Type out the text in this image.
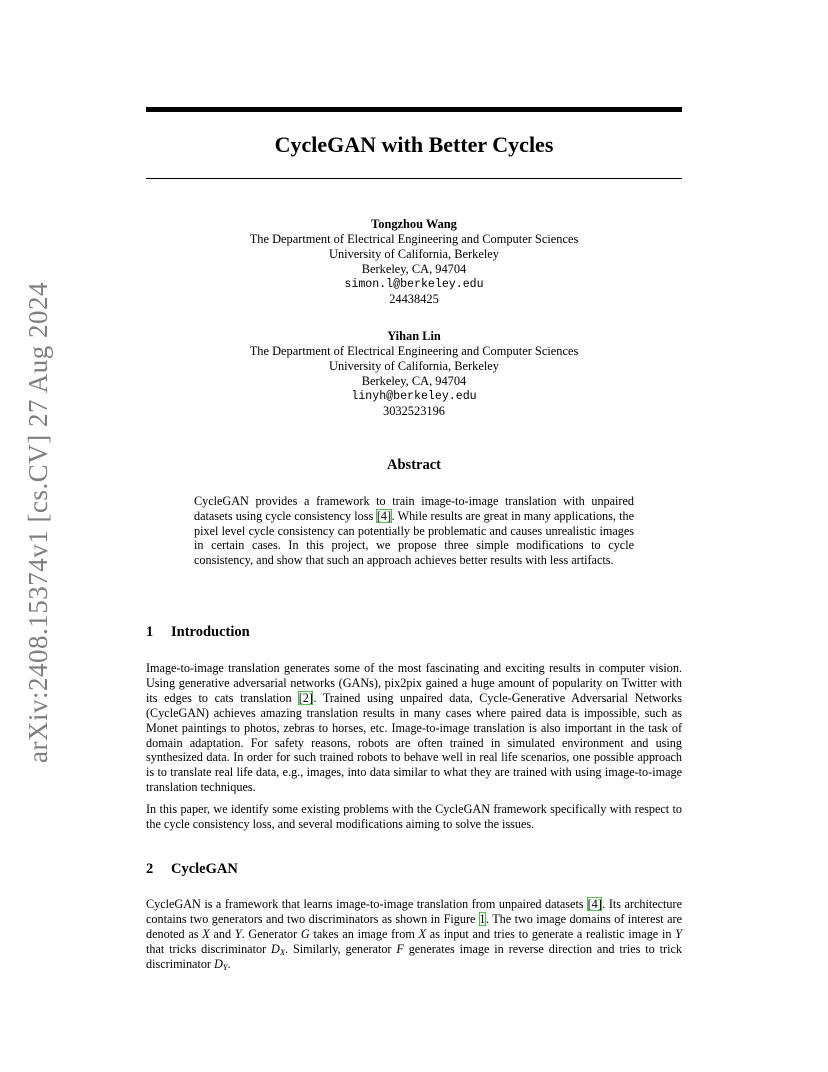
arXiv:2408.15374v1 [cs.CV] 27 Aug 2024
CycleGAN with Better Cycles
Tongzhou Wang
The Department of Electrical Engineering and Computer Sciences
University of California, Berkeley
Berkeley, CA, 94704
simon.l@berkeley.edu
24438425
Yihan Lin
The Department of Electrical Engineering and Computer Sciences
University of California, Berkeley
Berkeley, CA, 94704
linyh@berkeley.edu
3032523196
Abstract

CycleGAN provides a framework to train image-to-image translation with unpaired datasets using cycle consistency loss [4]. While results are great in many applications, the pixel level cycle consistency can potentially be problematic and causes unrealistic images in certain cases. In this project, we propose three simple modifications to cycle consistency, and show that such an approach achieves better results with less artifacts.

1 Introduction

Image-to-image translation generates some of the most fascinating and exciting results in computer vision. Using generative adversarial networks (GANs), pix2pix gained a huge amount of popularity on Twitter with its edges to cats translation [2]. Trained using unpaired data, Cycle-Generative Adversarial Networks (CycleGAN) achieves amazing translation results in many cases where paired data is impossible, such as Monet paintings to photos, zebras to horses, etc. Image-to-image translation is also important in the task of domain adaptation. For safety reasons, robots are often trained in simulated environment and using synthesized data. In order for such trained robots to behave well in real life scenarios, one possible approach is to translate real life data, e.g., images, into data similar to what they are trained with using image-to-image translation techniques.

In this paper, we identify some existing problems with the CycleGAN framework specifically with respect to the cycle consistency loss, and several modifications aiming to solve the issues.

2 CycleGAN

CycleGAN is a framework that learns image-to-image translation from unpaired datasets [4]. Its architecture contains two generators and two discriminators as shown in Figure 1. The two image domains of interest are denoted as X and Y. Generator G takes an image from X as input and tries to generate a realistic image in Y that tricks discriminator $D_X$. Similarly, generator F generates image in reverse direction and tries to trick discriminator $D_Y$.
